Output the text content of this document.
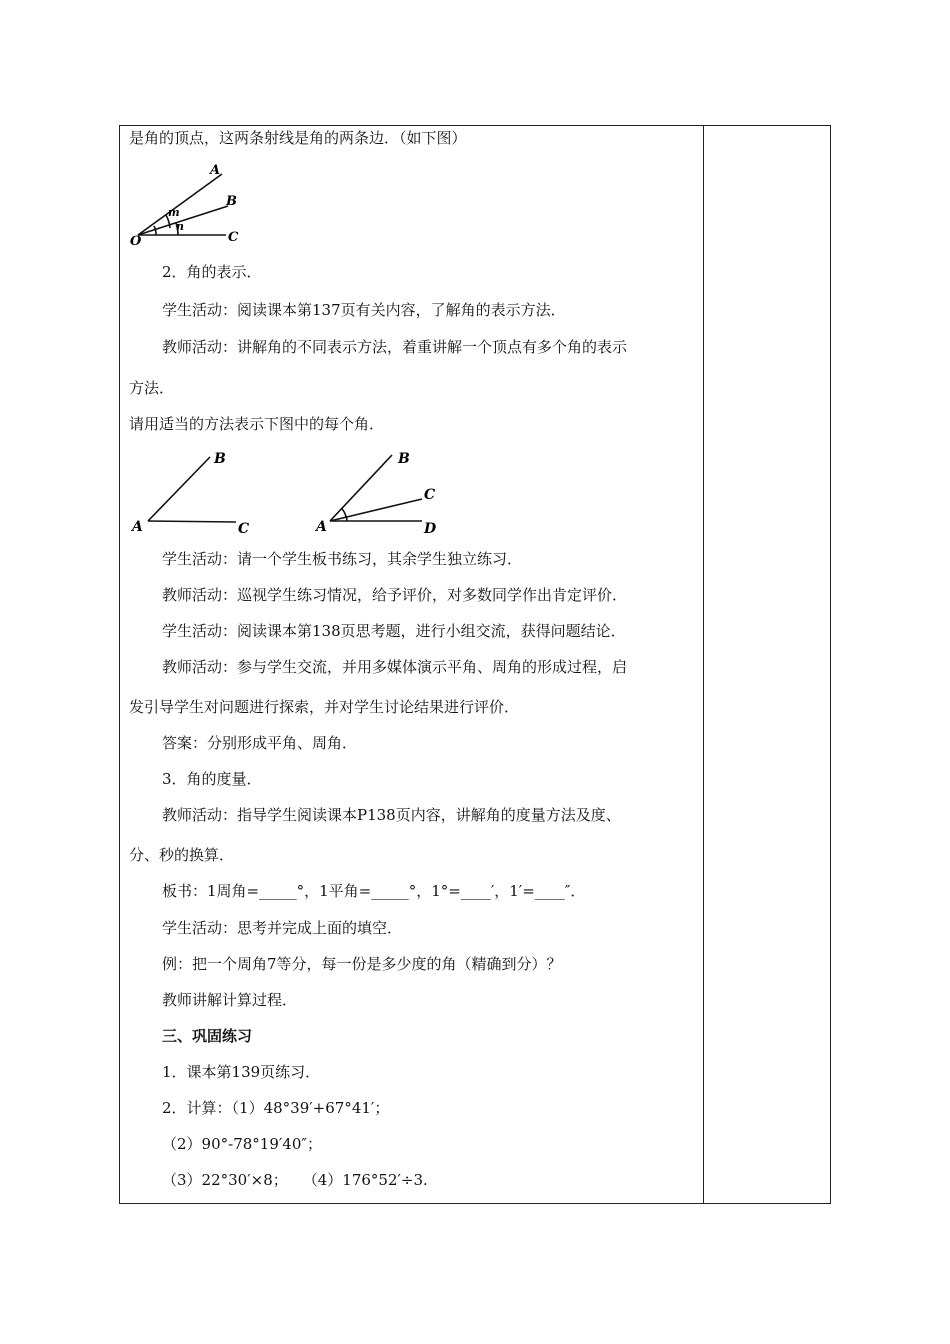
是角的顶点，这两条射线是角的两条边．（如下图）
A
B
C
O
m
n
2．角的表示．
学生活动：阅读课本第137页有关内容，了解角的表示方法．
教师活动：讲解角的不同表示方法，着重讲解一个顶点有多个角的表示
方法．
请用适当的方法表示下图中的每个角．
B
C
A
B
C
D
A
学生活动：请一个学生板书练习，其余学生独立练习．
教师活动：巡视学生练习情况，给予评价，对多数同学作出肯定评价．
学生活动：阅读课本第138页思考题，进行小组交流，获得问题结论．
教师活动：参与学生交流，并用多媒体演示平角、周角的形成过程，启
发引导学生对问题进行探索，并对学生讨论结果进行评价．
答案：分别形成平角、周角．
3．角的度量．
教师活动：指导学生阅读课本P138页内容，讲解角的度量方法及度、
分、秒的换算．
板书：1周角=_____°，1平角=_____°，1°=____′，1′=____″．
学生活动：思考并完成上面的填空．
例：把一个周角7等分，每一份是多少度的角（精确到分）？
教师讲解计算过程．
三、巩固练习
1．课本第139页练习．
2．计算：（1）48°39′+67°41′；
（2）90°-78°19′40″；
（3）22°30′×8；　　（4）176°52′÷3.
